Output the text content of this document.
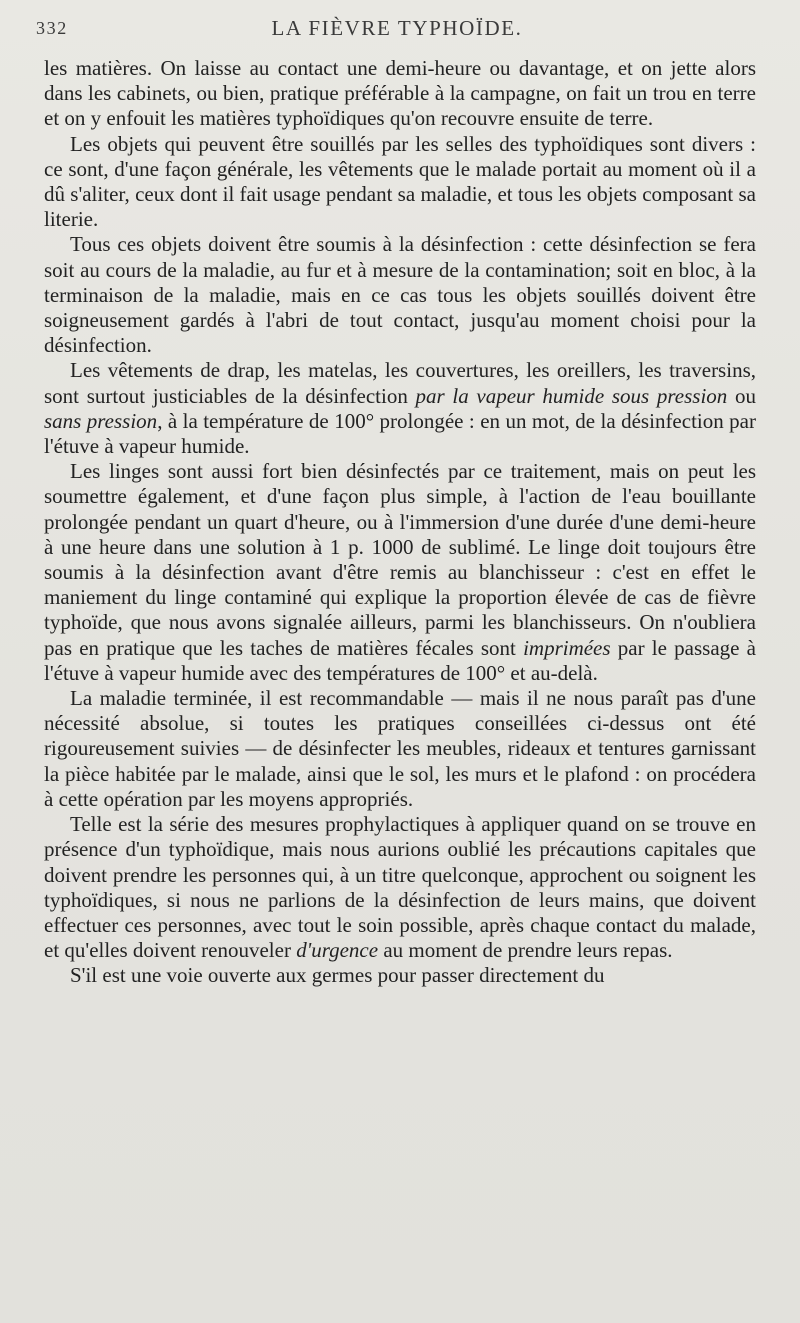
332	LA FIÈVRE TYPHOÏDE.

les matières. On laisse au contact une demi-heure ou davantage, et on jette alors dans les cabinets, ou bien, pratique préférable à la campagne, on fait un trou en terre et on y enfouit les matières typhoïdiques qu'on recouvre ensuite de terre.

Les objets qui peuvent être souillés par les selles des typhoïdiques sont divers : ce sont, d'une façon générale, les vêtements que le malade portait au moment où il a dû s'aliter, ceux dont il fait usage pendant sa maladie, et tous les objets composant sa literie.

Tous ces objets doivent être soumis à la désinfection : cette désinfection se fera soit au cours de la maladie, au fur et à mesure de la contamination; soit en bloc, à la terminaison de la maladie, mais en ce cas tous les objets souillés doivent être soigneusement gardés à l'abri de tout contact, jusqu'au moment choisi pour la désinfection.

Les vêtements de drap, les matelas, les couvertures, les oreillers, les traversins, sont surtout justiciables de la désinfection par la vapeur humide sous pression ou sans pression, à la température de 100° prolongée : en un mot, de la désinfection par l'étuve à vapeur humide.

Les linges sont aussi fort bien désinfectés par ce traitement, mais on peut les soumettre également, et d'une façon plus simple, à l'action de l'eau bouillante prolongée pendant un quart d'heure, ou à l'immersion d'une durée d'une demi-heure à une heure dans une solution à 1 p. 1000 de sublimé. Le linge doit toujours être soumis à la désinfection avant d'être remis au blanchisseur : c'est en effet le maniement du linge contaminé qui explique la proportion élevée de cas de fièvre typhoïde, que nous avons signalée ailleurs, parmi les blanchisseurs. On n'oubliera pas en pratique que les taches de matières fécales sont imprimées par le passage à l'étuve à vapeur humide avec des températures de 100° et au-delà.

La maladie terminée, il est recommandable — mais il ne nous paraît pas d'une nécessité absolue, si toutes les pratiques conseillées ci-dessus ont été rigoureusement suivies — de désinfecter les meubles, rideaux et tentures garnissant la pièce habitée par le malade, ainsi que le sol, les murs et le plafond : on procédera à cette opération par les moyens appropriés.

Telle est la série des mesures prophylactiques à appliquer quand on se trouve en présence d'un typhoïdique, mais nous aurions oublié les précautions capitales que doivent prendre les personnes qui, à un titre quelconque, approchent ou soignent les typhoïdiques, si nous ne parlions de la désinfection de leurs mains, que doivent effectuer ces personnes, avec tout le soin possible, après chaque contact du malade, et qu'elles doivent renouveler d'urgence au moment de prendre leurs repas.

S'il est une voie ouverte aux germes pour passer directement du
